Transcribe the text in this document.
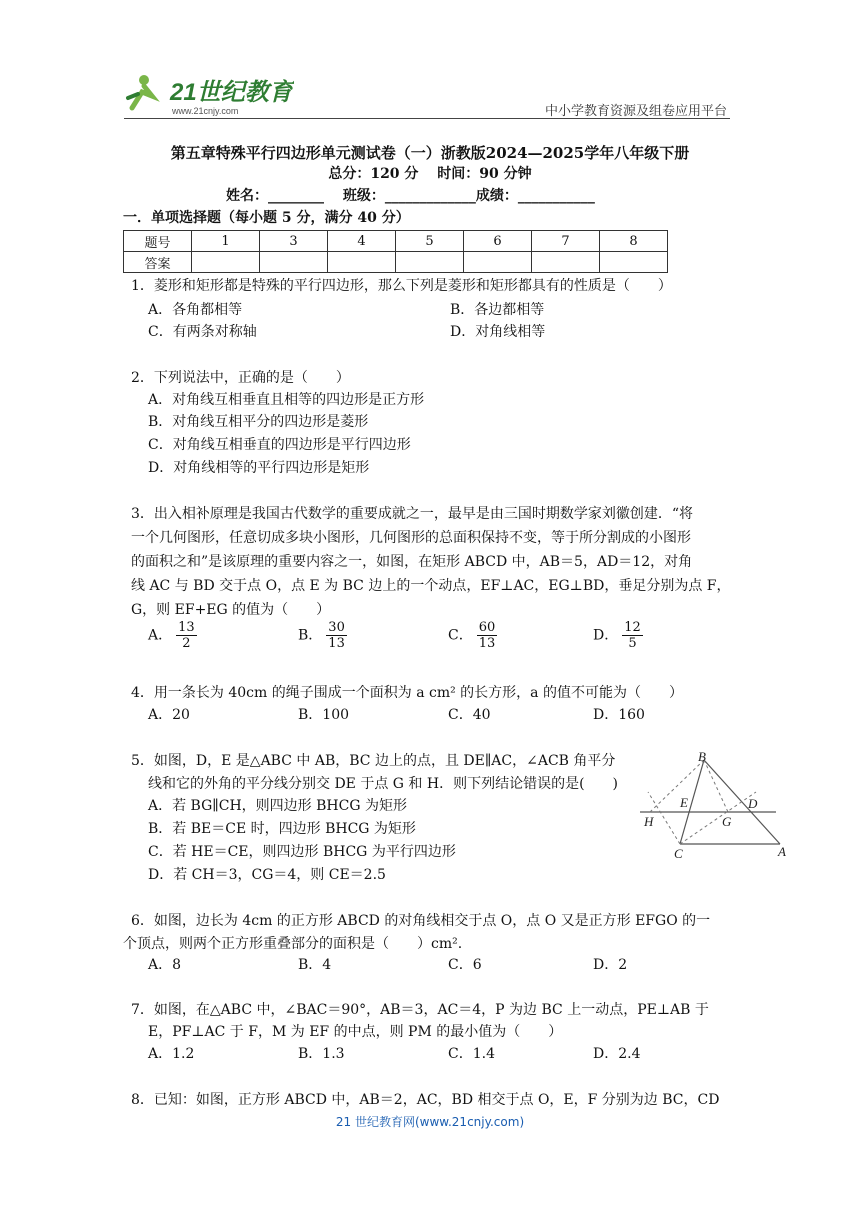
21世纪教育
www.21cnjy.com	中小学教育资源及组卷应用平台
第五章特殊平行四边形单元测试卷（一）浙教版2024—2025学年八年级下册
总分：120 分　 时间：90 分钟
姓名：________　 班级：_____________成绩：___________
一．单项选择题（每小题 5 分，满分 40 分）
题号	1	3	4	5	6	7	8
答案							
1．菱形和矩形都是特殊的平行四边形，那么下列是菱形和矩形都具有的性质是（　　）
A．各角都相等	B．各边都相等
C．有两条对称轴	D．对角线相等
2．下列说法中，正确的是（　　）
A．对角线互相垂直且相等的四边形是正方形
B．对角线互相平分的四边形是菱形
C．对角线互相垂直的四边形是平行四边形
D．对角线相等的平行四边形是矩形
3．出入相补原理是我国古代数学的重要成就之一，最早是由三国时期数学家刘徽创建．“将
一个几何图形，任意切成多块小图形，几何图形的总面积保持不变，等于所分割成的小图形
的面积之和”是该原理的重要内容之一，如图，在矩形 ABCD 中，AB＝5，AD＝12，对角
线 AC 与 BD 交于点 O，点 E 为 BC 边上的一个动点，EF⊥AC，EG⊥BD，垂足分别为点 F，
G，则 EF+EG 的值为（　　）
A． $\frac{13}{2}$	B． $\frac{30}{13}$	C． $\frac{60}{13}$	D． $\frac{12}{5}$
4．用一条长为 40cm 的绳子围成一个面积为 a cm² 的长方形，a 的值不可能为（　　）
A．20	B．100	C．40	D．160
5．如图，D，E 是△ABC 中 AB，BC 边上的点，且 DE∥AC，∠ACB 角平分
线和它的外角的平分线分别交 DE 于点 G 和 H．则下列结论错误的是(　　)
A．若 BG∥CH，则四边形 BHCG 为矩形
B．若 BE＝CE 时，四边形 BHCG 为矩形
C．若 HE＝CE，则四边形 BHCG 为平行四边形
D．若 CH＝3，CG＝4，则 CE＝2.5
B
E	D
H	G
C	A
6．如图，边长为 4cm 的正方形 ABCD 的对角线相交于点 O，点 O 又是正方形 EFGO 的一
个顶点，则两个正方形重叠部分的面积是（　　）cm².
A．8	B．4	C．6	D．2
7．如图，在△ABC 中，∠BAC＝90°，AB＝3，AC＝4，P 为边 BC 上一动点，PE⊥AB 于
E，PF⊥AC 于 F，M 为 EF 的中点，则 PM 的最小值为（　　）
A．1.2	B．1.3	C．1.4	D．2.4
8．已知：如图，正方形 ABCD 中，AB＝2，AC，BD 相交于点 O，E，F 分别为边 BC，CD
21 世纪教育网(www.21cnjy.com)
